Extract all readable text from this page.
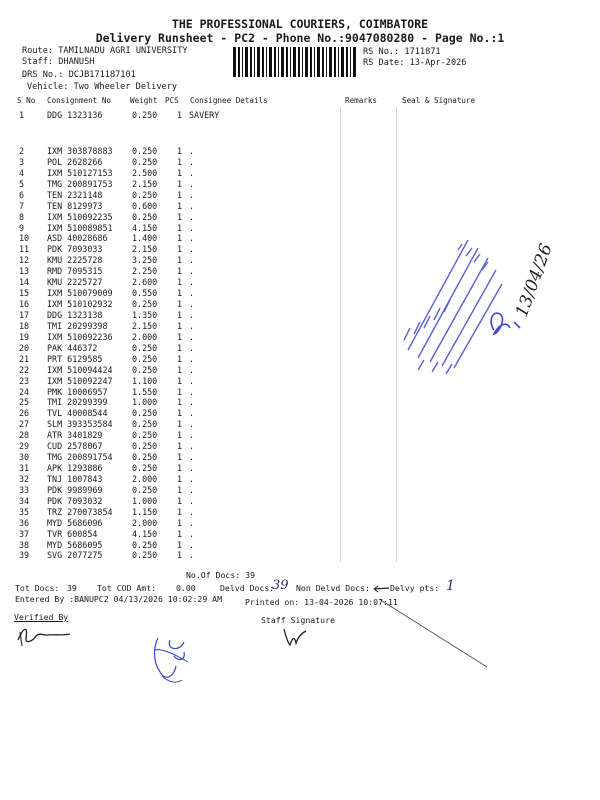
THE PROFESSIONAL COURIERS, COIMBATORE
Delivery Runsheet - PC2 - Phone No.:9047080280 - Page No.:1
Route: TAMILNADU AGRI UNIVERSITY
Staff: DHANUSH
DRS No.: DCJB171187101
Vehicle: Two Wheeler Delivery
RS No.: 1711871
RS Date: 13-Apr-2026
S No Consignment No Weight PCS Consignee Details	Remarks	Seal & Signature
1	DDG 1323136	0.250 1 SAVERY
2	IXM 303878883 0.250 1 .
3	POL 2628266	0.250 1 .
4	IXM 510127153 2.500 1 .
5	TMG 200891753 2.150 1 .
6	TEN 2321148	0.250 1 .
7	TEN 8129973	0.600 1 .
8	IXM 510092235 0.250 1 .
9	IXM 510089851 4.150 1 .
10 ASD 40028686	1.400 1 .
11 PDK 7093033	2.150 1 .
12 KMU 2225728	3.250 1 .
13 RMD 7095315	2.250 1 .
14 KMU 2225727	2.600 1 .
15 IXM 510079009 0.550 1 .
16 IXM 510102932 0.250 1 .
17 DDG 1323138	1.350 1 .
18 TMI 20299398	2.150 1 .
19 IXM 510092236 2.000 1 .
20 PAK 446372	0.250 1 .
21 PRT 6129585	0.250 1 .
22 IXM 510094424 0.250 1 .
23 IXM 510092247 1.100 1 .
24 PMK 10006957	1.550 1 .
25 TMI 20299399	1.000 1 .
26 TVL 40008544	0.250 1 .
27 SLM 393353584 0.250 1 .
28 ATR 3401829	0.250 1 .
29 CUD 2578067	0.250 1 .
30 TMG 200891754 0.250 1 .
31 APK 1293886	0.250 1 .
32 TNJ 1007843	2.000 1 .
33 PDK 9989969	0.250 1 .
34 PDK 7093032	1.000 1 .
35 TRZ 270073854 1.150 1 .
36 MYD 5686096	2.000 1 .
37 TVR 600854	4.150 1 .
38 MYD 5686095	0.250 1 .
39 SVG 2077275	0.250 1 .
No.Of Docs: 39
Tot Docs: 39 Tot COD Amt: 0.00	Delvd Docs:
39 Non Delvd Docs: Delvy pts: 1
Entered By :BANUPC2 04/13/2026 10:02:29 AM	Printed on: 13-04-2026 10:07:11
Verified By	Staff Signature
13/04/26
